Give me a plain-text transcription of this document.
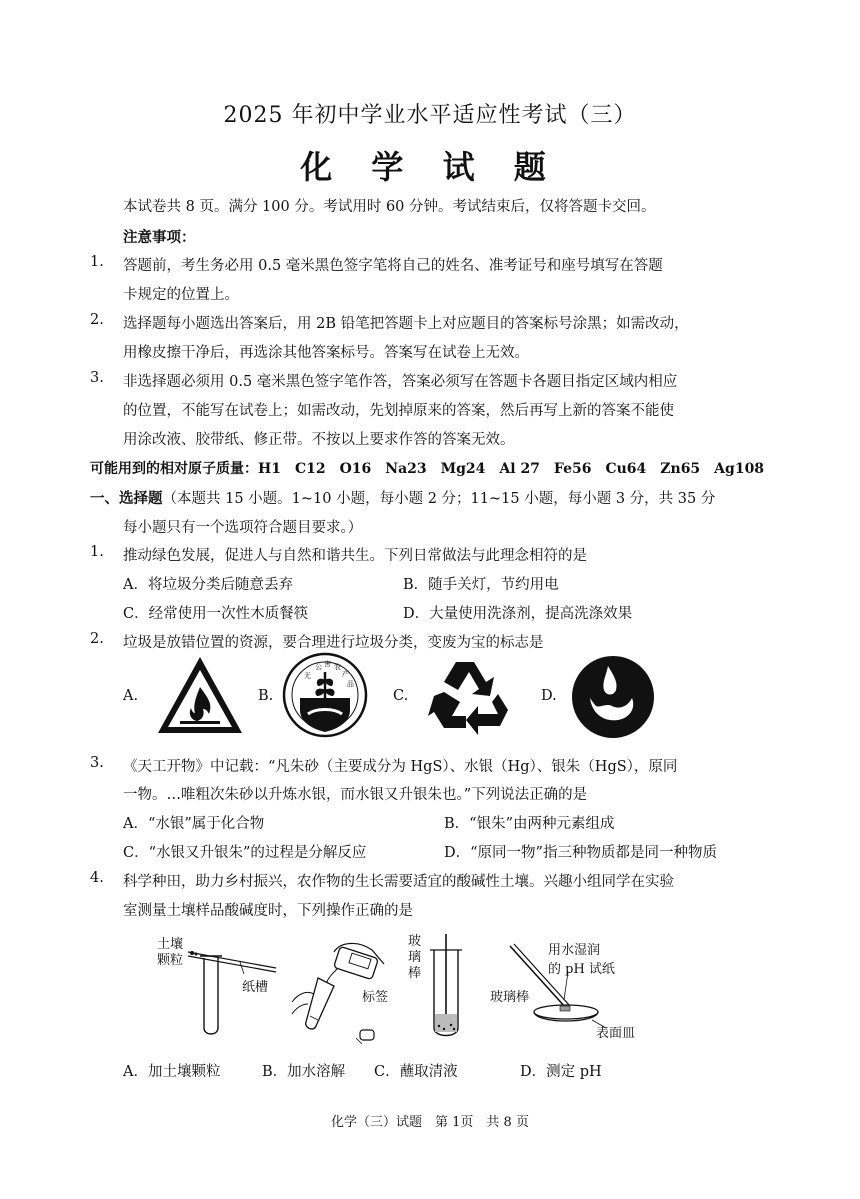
2025 年初中学业水平适应性考试（三）
化 学 试 题
本试卷共 8 页。满分 100 分。考试用时 60 分钟。考试结束后，仅将答题卡交回。
注意事项：
1. 答题前，考生务必用 0.5 毫米黑色签字笔将自己的姓名、准考证号和座号填写在答题
卡规定的位置上。
2. 选择题每小题选出答案后，用 2B 铅笔把答题卡上对应题目的答案标号涂黑；如需改动，
用橡皮擦干净后，再选涂其他答案标号。答案写在试卷上无效。
3. 非选择题必须用 0.5 毫米黑色签字笔作答，答案必须写在答题卡各题目指定区域内相应
的位置，不能写在试卷上；如需改动，先划掉原来的答案，然后再写上新的答案不能使
用涂改液、胶带纸、修正带。不按以上要求作答的答案无效。
可能用到的相对原子质量：H1　C12　O16　Na23　Mg24　Al 27　Fe56　Cu64　Zn65　Ag108
一、选择题（本题共 15 小题。1~10 小题，每小题 2 分；11~15 小题，每小题 3 分，共 35 分
每小题只有一个选项符合题目要求。）
1. 推动绿色发展，促进人与自然和谐共生。下列日常做法与此理念相符的是
A．将垃圾分类后随意丢弃	B．随手关灯，节约用电
C．经常使用一次性木质餐筷	D．大量使用洗涤剂，提高洗涤效果
2. 垃圾是放错位置的资源，要合理进行垃圾分类，变废为宝的标志是
A.	B.
无
公 害 农
产
品
C.	D.
3. 《天工开物》中记载：“凡朱砂（主要成分为 HgS）、水银（Hg）、银朱（HgS），原同
一物。…唯粗次朱砂以升炼水银，而水银又升银朱也。”下列说法正确的是
A．“水银”属于化合物	B．“银朱”由两种元素组成
C．“水银又升银朱”的过程是分解反应	D．“原同一物”指三种物质都是同一种物质
4. 科学种田，助力乡村振兴，农作物的生长需要适宜的酸碱性土壤。兴趣小组同学在实验
室测量土壤样品酸碱度时，下列操作正确的是
土壤
颗粒
纸槽
标签
玻
璃
棒
用水湿润
的 pH 试纸
玻璃棒
表面皿
A．加土壤颗粒	B．加水溶解 C．蘸取清液	D．测定 pH
化学（三）试题　第 1页　共 8 页
